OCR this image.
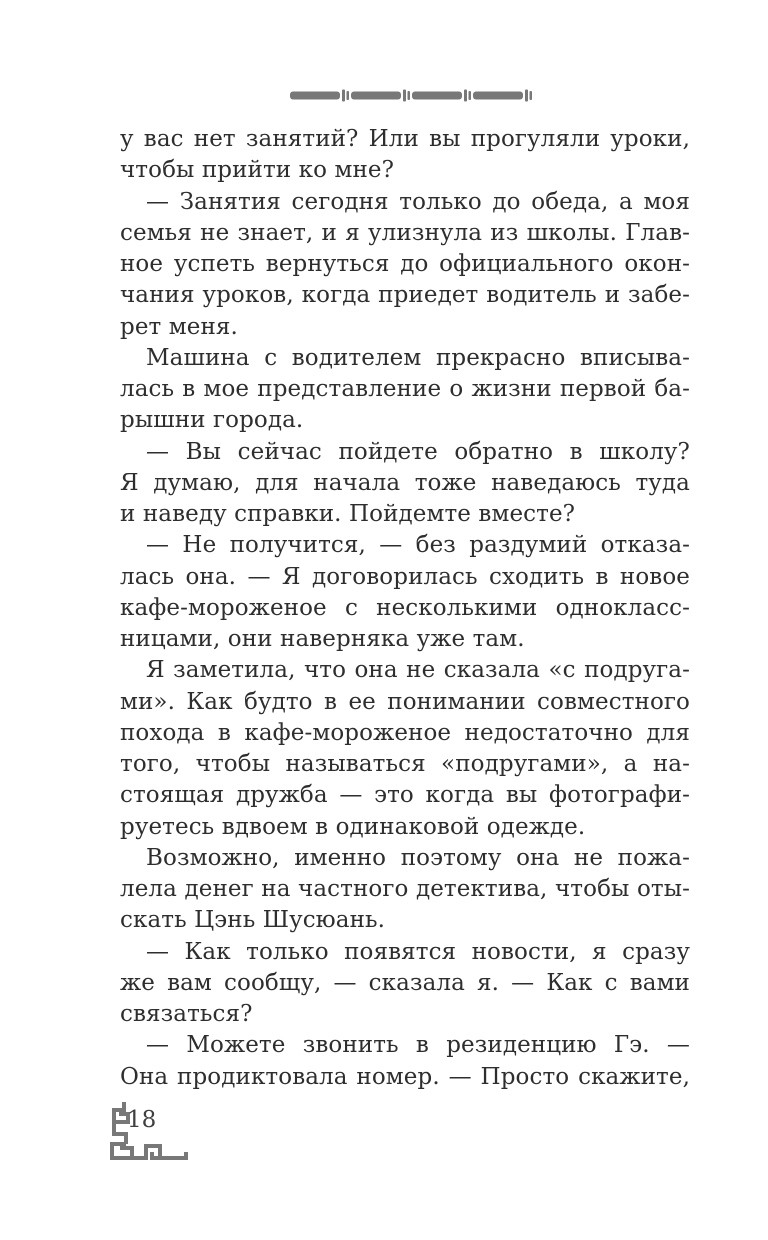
у вас нет занятий? Или вы прогуляли уроки,
чтобы прийти ко мне?
— Занятия сегодня только до обеда, а моя
семья не знает, и я улизнула из школы. Глав-
ное успеть вернуться до официального окон-
чания уроков, когда приедет водитель и забе-
рет меня.
Машина с водителем прекрасно вписыва-
лась в мое представление о жизни первой ба-
рышни города.
— Вы сейчас пойдете обратно в школу?
Я думаю, для начала тоже наведаюсь туда
и наведу справки. Пойдемте вместе?
— Не получится, — без раздумий отказа-
лась она. — Я договорилась сходить в новое
кафе-мороженое с несколькими однокласс-
ницами, они наверняка уже там.
Я заметила, что она не сказала «с подруга-
ми». Как будто в ее понимании совместного
похода в кафе-мороженое недостаточно для
того, чтобы называться «подругами», а на-
стоящая дружба — это когда вы фотографи-
руетесь вдвоем в одинаковой одежде.
Возможно, именно поэтому она не пожа-
лела денег на частного детектива, чтобы оты-
скать Цэнь Шусюань.
— Как только появятся новости, я сразу
же вам сообщу, — сказала я. — Как с вами
связаться?
— Можете звонить в резиденцию Гэ. —
Она продиктовала номер. — Просто скажите,
18
